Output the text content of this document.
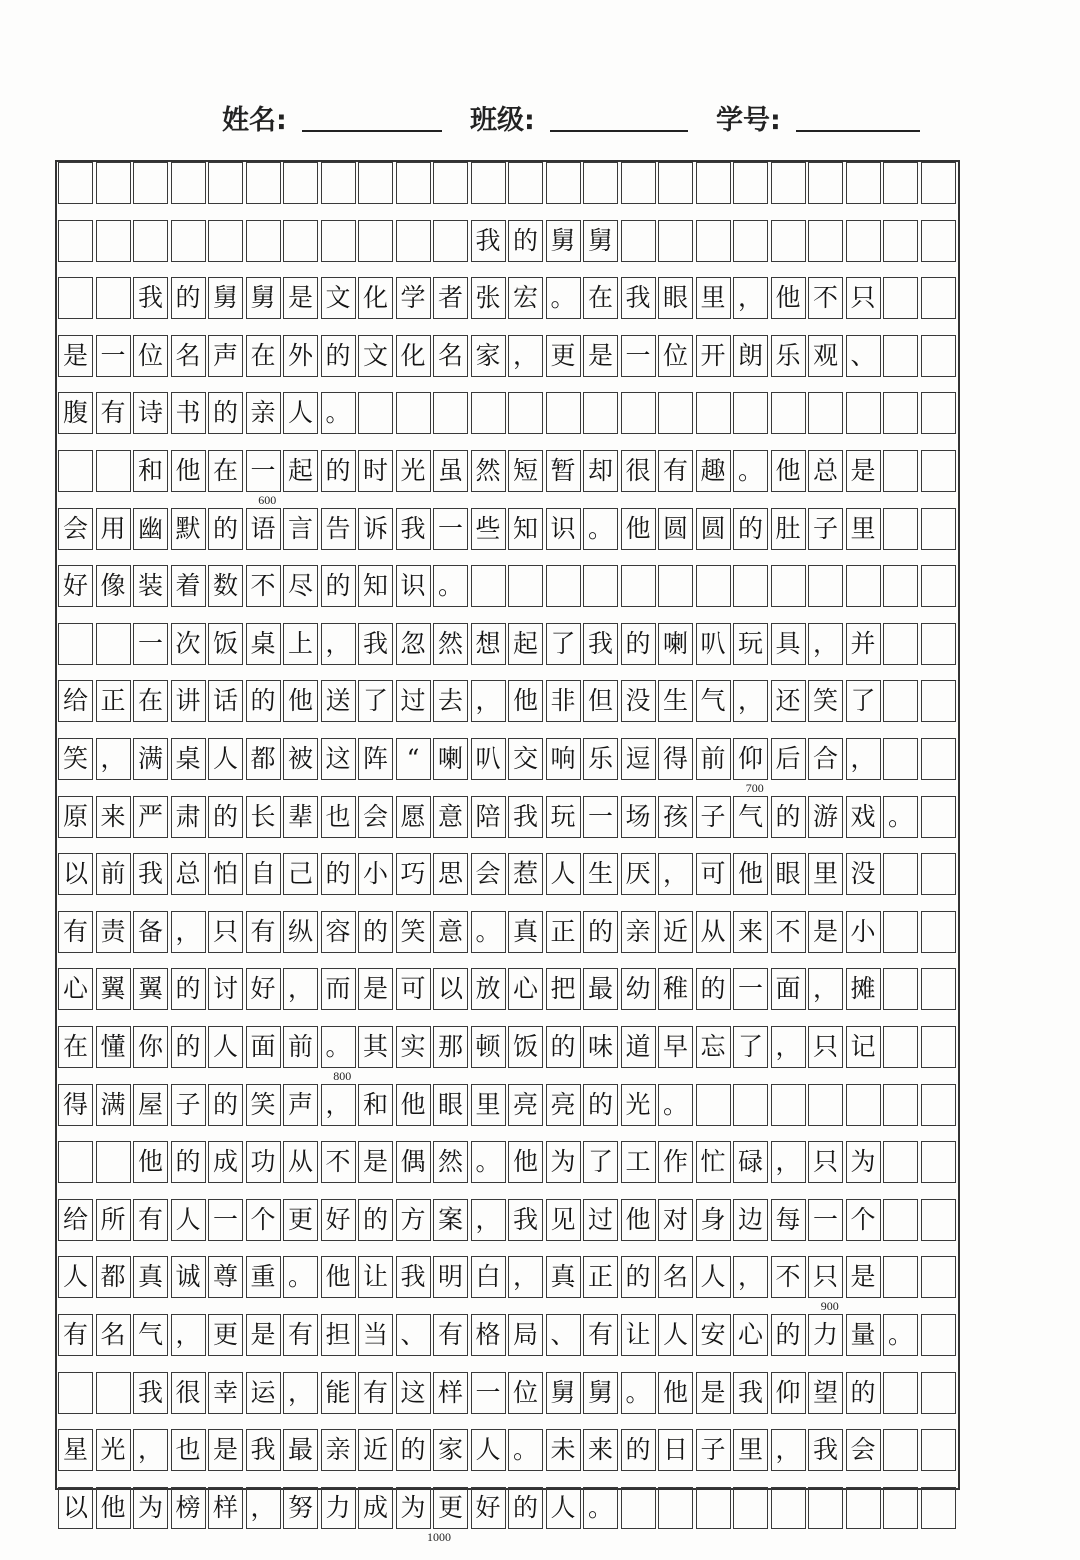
姓名:	班级:	学号:
我 的 舅 舅
我 的 舅 舅 是 文 化 学 者 张 宏 。 在 我 眼 里 ， 他 不 只
是 一 位 名 声 在 外 的 文 化 名 家 ， 更 是 一 位 开 朗 乐 观 、
腹 有 诗 书 的 亲 人 。
和 他 在 一 起 的 时 光 虽 然 短 暂 却 很 有 趣 。 他 总 是
会 用 幽 默 的 语 言 告 诉 我 一 些 知 识 。 他 圆 圆 的 肚 子 里
好 像 装 着 数 不 尽 的 知 识 。
一 次 饭 桌 上 ， 我 忽 然 想 起 了 我 的 喇 叭 玩 具 ， 并
给 正 在 讲 话 的 他 送 了 过 去 ， 他 非 但 没 生 气 ， 还 笑 了
笑 ， 满 桌 人 都 被 这 阵 “ 喇 叭 交 响 乐 逗 得 前 仰 后 合 ，
原 来 严 肃 的 长 辈 也 会 愿 意 陪 我 玩 一 场 孩 子 气 的 游 戏 。
以 前 我 总 怕 自 己 的 小 巧 思 会 惹 人 生 厌 ， 可 他 眼 里 没
有 责 备 ， 只 有 纵 容 的 笑 意 。 真 正 的 亲 近 从 来 不 是 小
心 翼 翼 的 讨 好 ， 而 是 可 以 放 心 把 最 幼 稚 的 一 面 ， 摊
在 懂 你 的 人 面 前 。 其 实 那 顿 饭 的 味 道 早 忘 了 ， 只 记
得 满 屋 子 的 笑 声 ， 和 他 眼 里 亮 亮 的 光 。
他 的 成 功 从 不 是 偶 然 。 他 为 了 工 作 忙 碌 ， 只 为
给 所 有 人 一 个 更 好 的 方 案 ， 我 见 过 他 对 身 边 每 一 个
人 都 真 诚 尊 重 。 他 让 我 明 白 ， 真 正 的 名 人 ， 不 只 是
有 名 气 ， 更 是 有 担 当 、 有 格 局 、 有 让 人 安 心 的 力 量 。
我 很 幸 运 ， 能 有 这 样 一 位 舅 舅 。 他 是 我 仰 望 的
星 光 ， 也 是 我 最 亲 近 的 家 人 。 未 来 的 日 子 里 ， 我 会
以 他 为 榜 样 ， 努 力 成 为 更 好 的 人 。
600
700
800
900
1000
